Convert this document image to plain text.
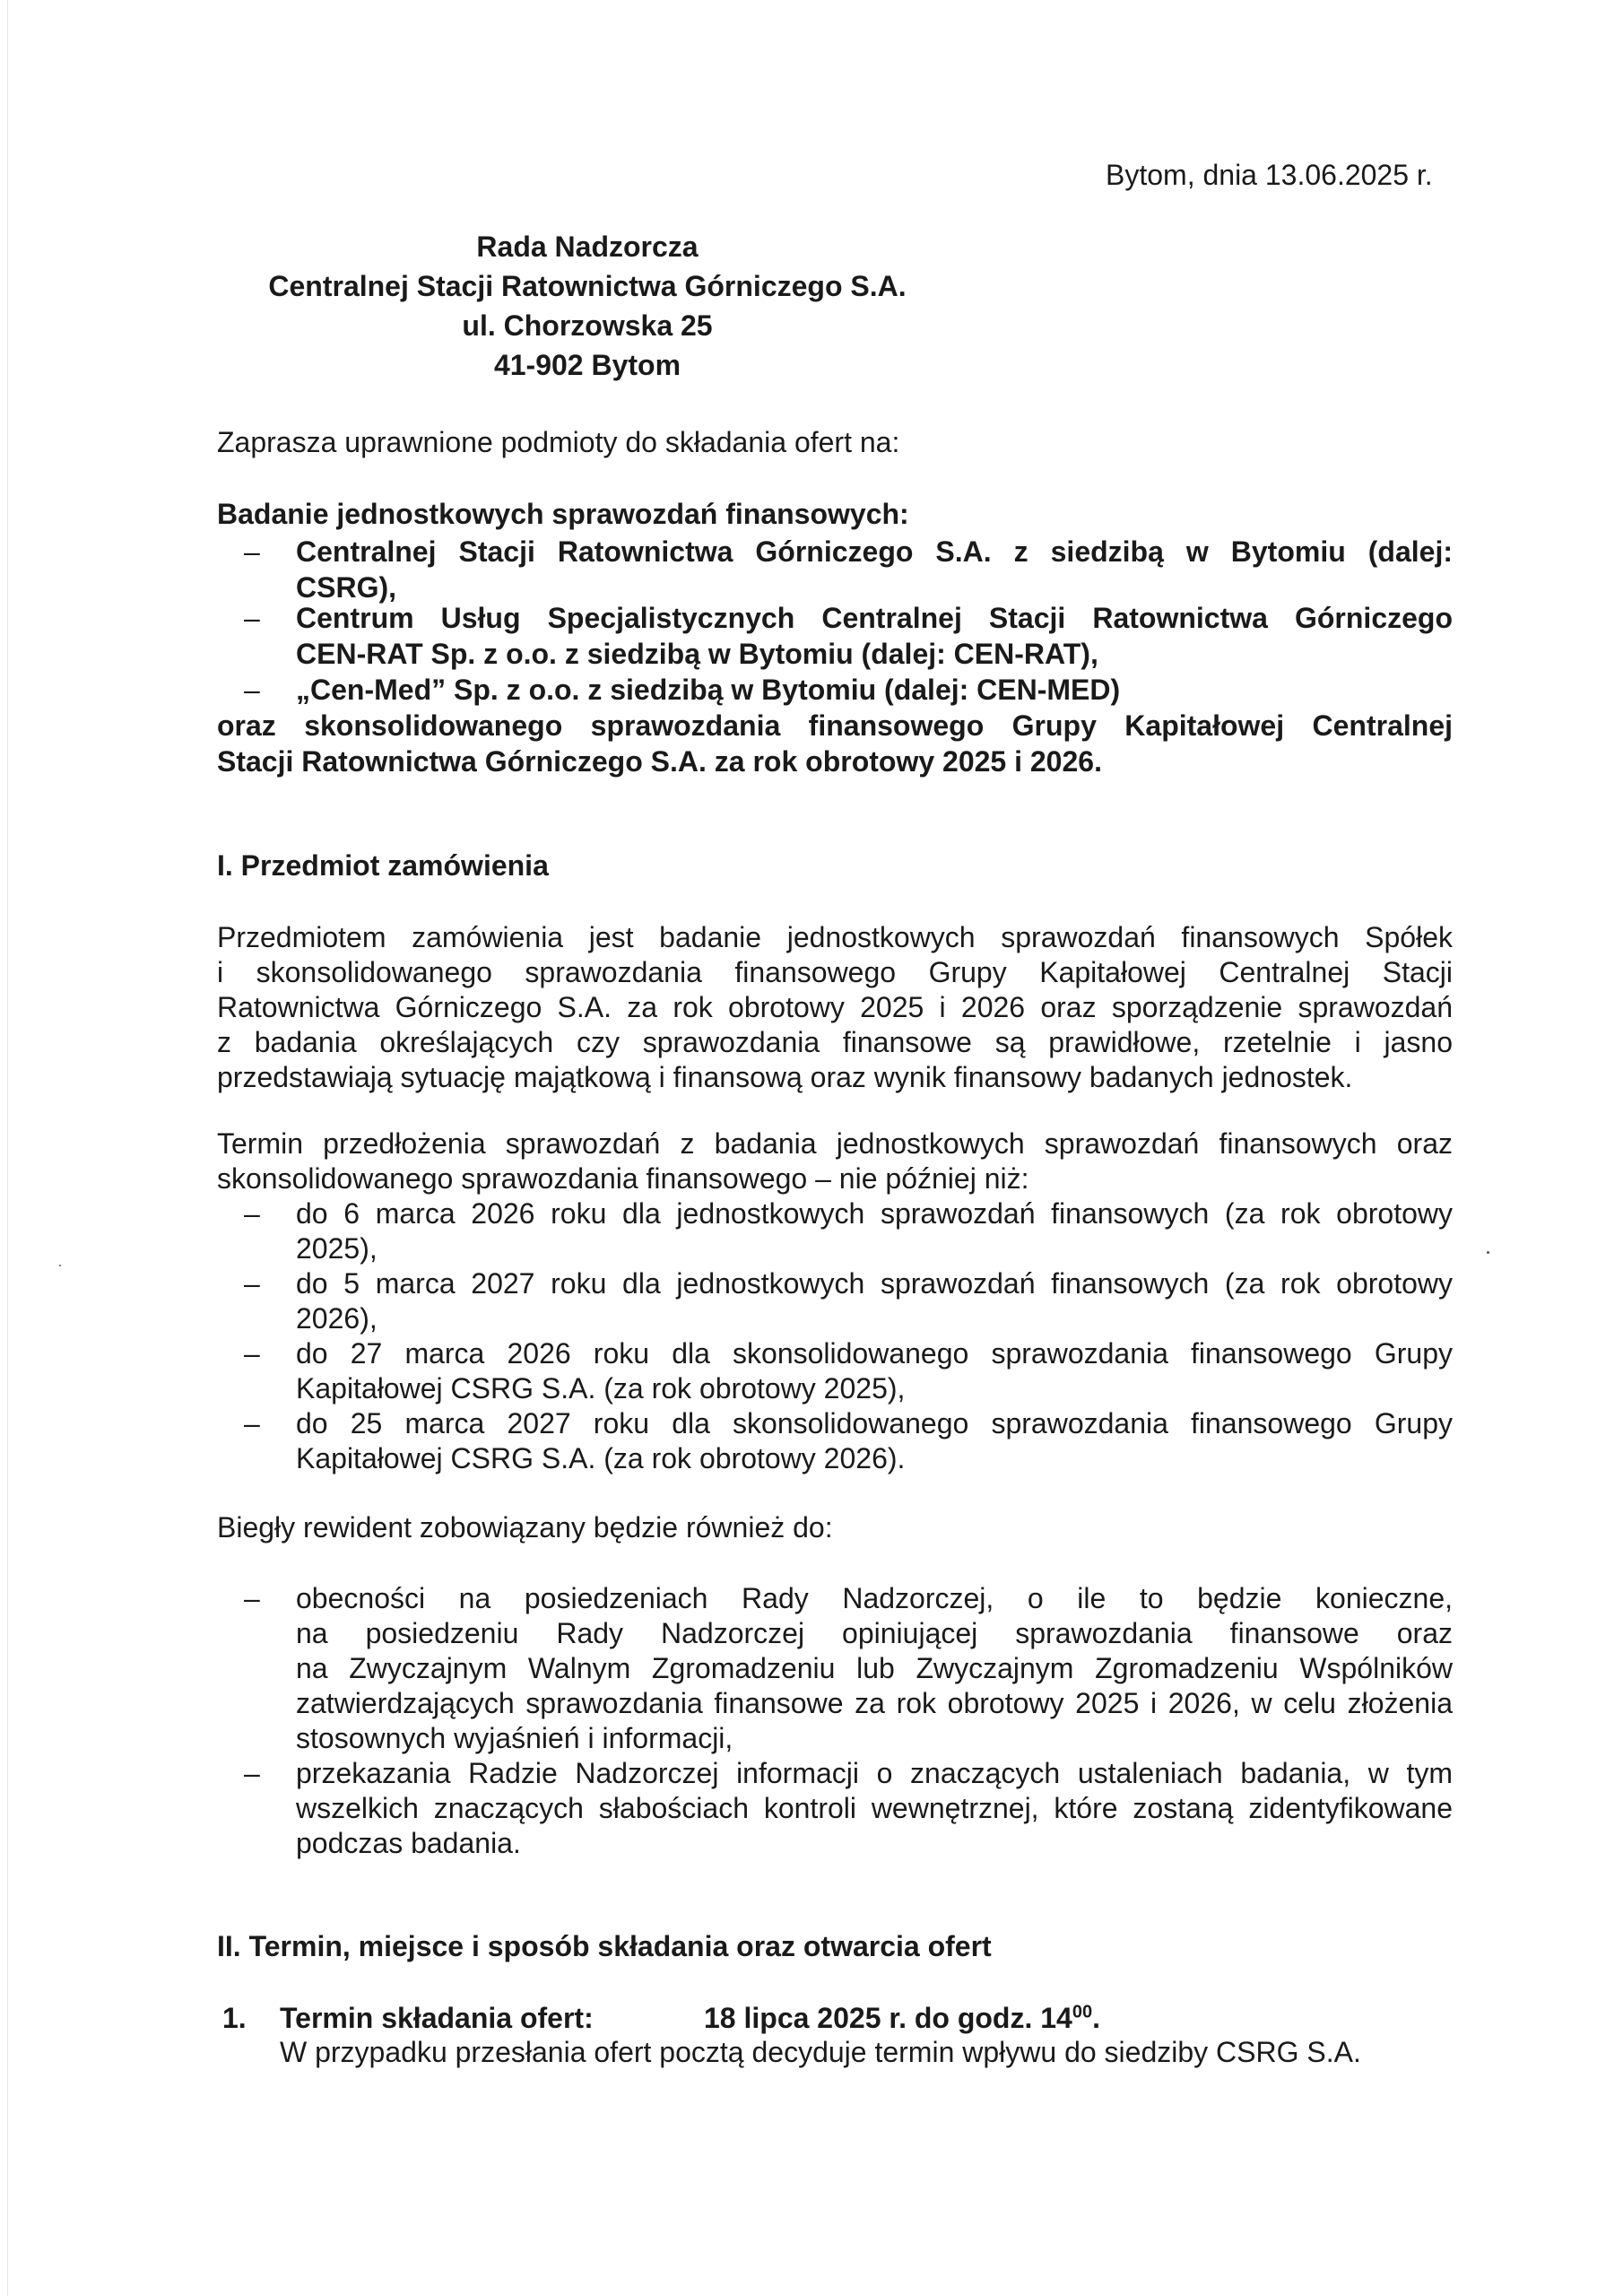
Bytom, dnia 13.06.2025 r.
Rada Nadzorcza
Centralnej Stacji Ratownictwa Górniczego S.A.
ul. Chorzowska 25
41-902 Bytom
Zaprasza uprawnione podmioty do składania ofert na:
Badanie jednostkowych sprawozdań finansowych:
– Centralnej Stacji Ratownictwa Górniczego S.A. z siedzibą w Bytomiu (dalej:
CSRG),
– Centrum Usług Specjalistycznych Centralnej Stacji Ratownictwa Górniczego
CEN-RAT Sp. z o.o. z siedzibą w Bytomiu (dalej: CEN-RAT),
– „Cen-Med” Sp. z o.o. z siedzibą w Bytomiu (dalej: CEN-MED)
oraz skonsolidowanego sprawozdania finansowego Grupy Kapitałowej Centralnej
Stacji Ratownictwa Górniczego S.A. za rok obrotowy 2025 i 2026.
I. Przedmiot zamówienia
Przedmiotem zamówienia jest badanie jednostkowych sprawozdań finansowych Spółek
i skonsolidowanego sprawozdania finansowego Grupy Kapitałowej Centralnej Stacji
Ratownictwa Górniczego S.A. za rok obrotowy 2025 i 2026 oraz sporządzenie sprawozdań
z badania określających czy sprawozdania finansowe są prawidłowe, rzetelnie i jasno
przedstawiają sytuację majątkową i finansową oraz wynik finansowy badanych jednostek.
Termin przedłożenia sprawozdań z badania jednostkowych sprawozdań finansowych oraz
skonsolidowanego sprawozdania finansowego – nie później niż:
– do 6 marca 2026 roku dla jednostkowych sprawozdań finansowych (za rok obrotowy
2025),
– do 5 marca 2027 roku dla jednostkowych sprawozdań finansowych (za rok obrotowy
2026),
– do 27 marca 2026 roku dla skonsolidowanego sprawozdania finansowego Grupy
Kapitałowej CSRG S.A. (za rok obrotowy 2025),
– do 25 marca 2027 roku dla skonsolidowanego sprawozdania finansowego Grupy
Kapitałowej CSRG S.A. (za rok obrotowy 2026).
Biegły rewident zobowiązany będzie również do:
– obecności na posiedzeniach Rady Nadzorczej, o ile to będzie konieczne,
na posiedzeniu Rady Nadzorczej opiniującej sprawozdania finansowe oraz
na Zwyczajnym Walnym Zgromadzeniu lub Zwyczajnym Zgromadzeniu Wspólników
zatwierdzających sprawozdania finansowe za rok obrotowy 2025 i 2026, w celu złożenia
stosownych wyjaśnień i informacji,
– przekazania Radzie Nadzorczej informacji o znaczących ustaleniach badania, w tym
wszelkich znaczących słabościach kontroli wewnętrznej, które zostaną zidentyfikowane
podczas badania.
II. Termin, miejsce i sposób składania oraz otwarcia ofert
1. Termin składania ofert:	18 lipca 2025 r. do godz. $14^{00}$.
W przypadku przesłania ofert pocztą decyduje termin wpływu do siedziby CSRG S.A.
